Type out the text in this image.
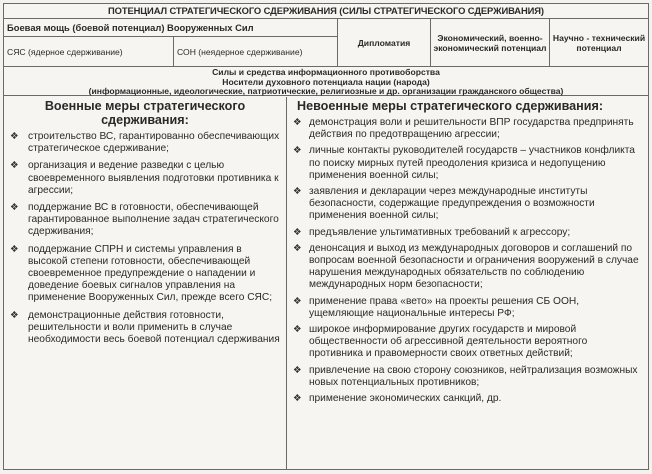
ПОТЕНЦИАЛ СТРАТЕГИЧЕСКОГО СДЕРЖИВАНИЯ (СИЛЫ СТРАТЕГИЧЕСКОГО СДЕРЖИВАНИЯ)
Боевая мощь (боевой потенциал) Вооруженных Сил
СЯС (ядерное сдерживание)	СОН (неядерное сдерживание)
Дипломатия	Экономический, военно-экономический потенциал
Научно - технический потенциал
Силы и средства информационного противоборства
Носители духовного потенциала нации (народа)
(информационные, идеологические, патриотические, религиозные и др. организации гражданского общества)
Военные меры стратегического сдерживания:
❖ строительство ВС, гарантированно обеспечивающих стратегическое сдерживание;
❖ организация и ведение разведки с целью своевременного выявления подготовки противника к агрессии;
❖ поддержание ВС в готовности, обеспечивающей гарантированное выполнение задач стратегического сдерживания;
❖ поддержание СПРН и системы управления в высокой степени готовности, обеспечивающей своевременное предупреждение о нападении и доведение боевых сигналов управления на применение Вооруженных Сил, прежде всего СЯС;
❖ демонстрационные действия готовности, решительности и воли применить в случае необходимости весь боевой потенциал сдерживания
Невоенные меры стратегического сдерживания:
❖ демонстрация воли и решительности ВПР государства предпринять действия по предотвращению агрессии;
❖ личные контакты руководителей государств – участников конфликта по поиску мирных путей преодоления кризиса и недопущению применения военной силы;
❖ заявления и декларации через международные институты безопасности, содержащие предупреждения о возможности применения военной силы;
❖ предъявление ультимативных требований к агрессору;
❖ денонсация и выход из международных договоров и соглашений по вопросам военной безопасности и ограничения вооружений в случае нарушения международных обязательств по соблюдению международных норм безопасности;
❖ применение права «вето» на проекты решения СБ ООН, ущемляющие национальные интересы РФ;
❖ широкое информирование других государств и мировой общественности об агрессивной деятельности вероятного противника и правомерности своих ответных действий;
❖ привлечение на свою сторону союзников, нейтрализация возможных новых потенциальных противников;
❖ применение экономических санкций, др.
